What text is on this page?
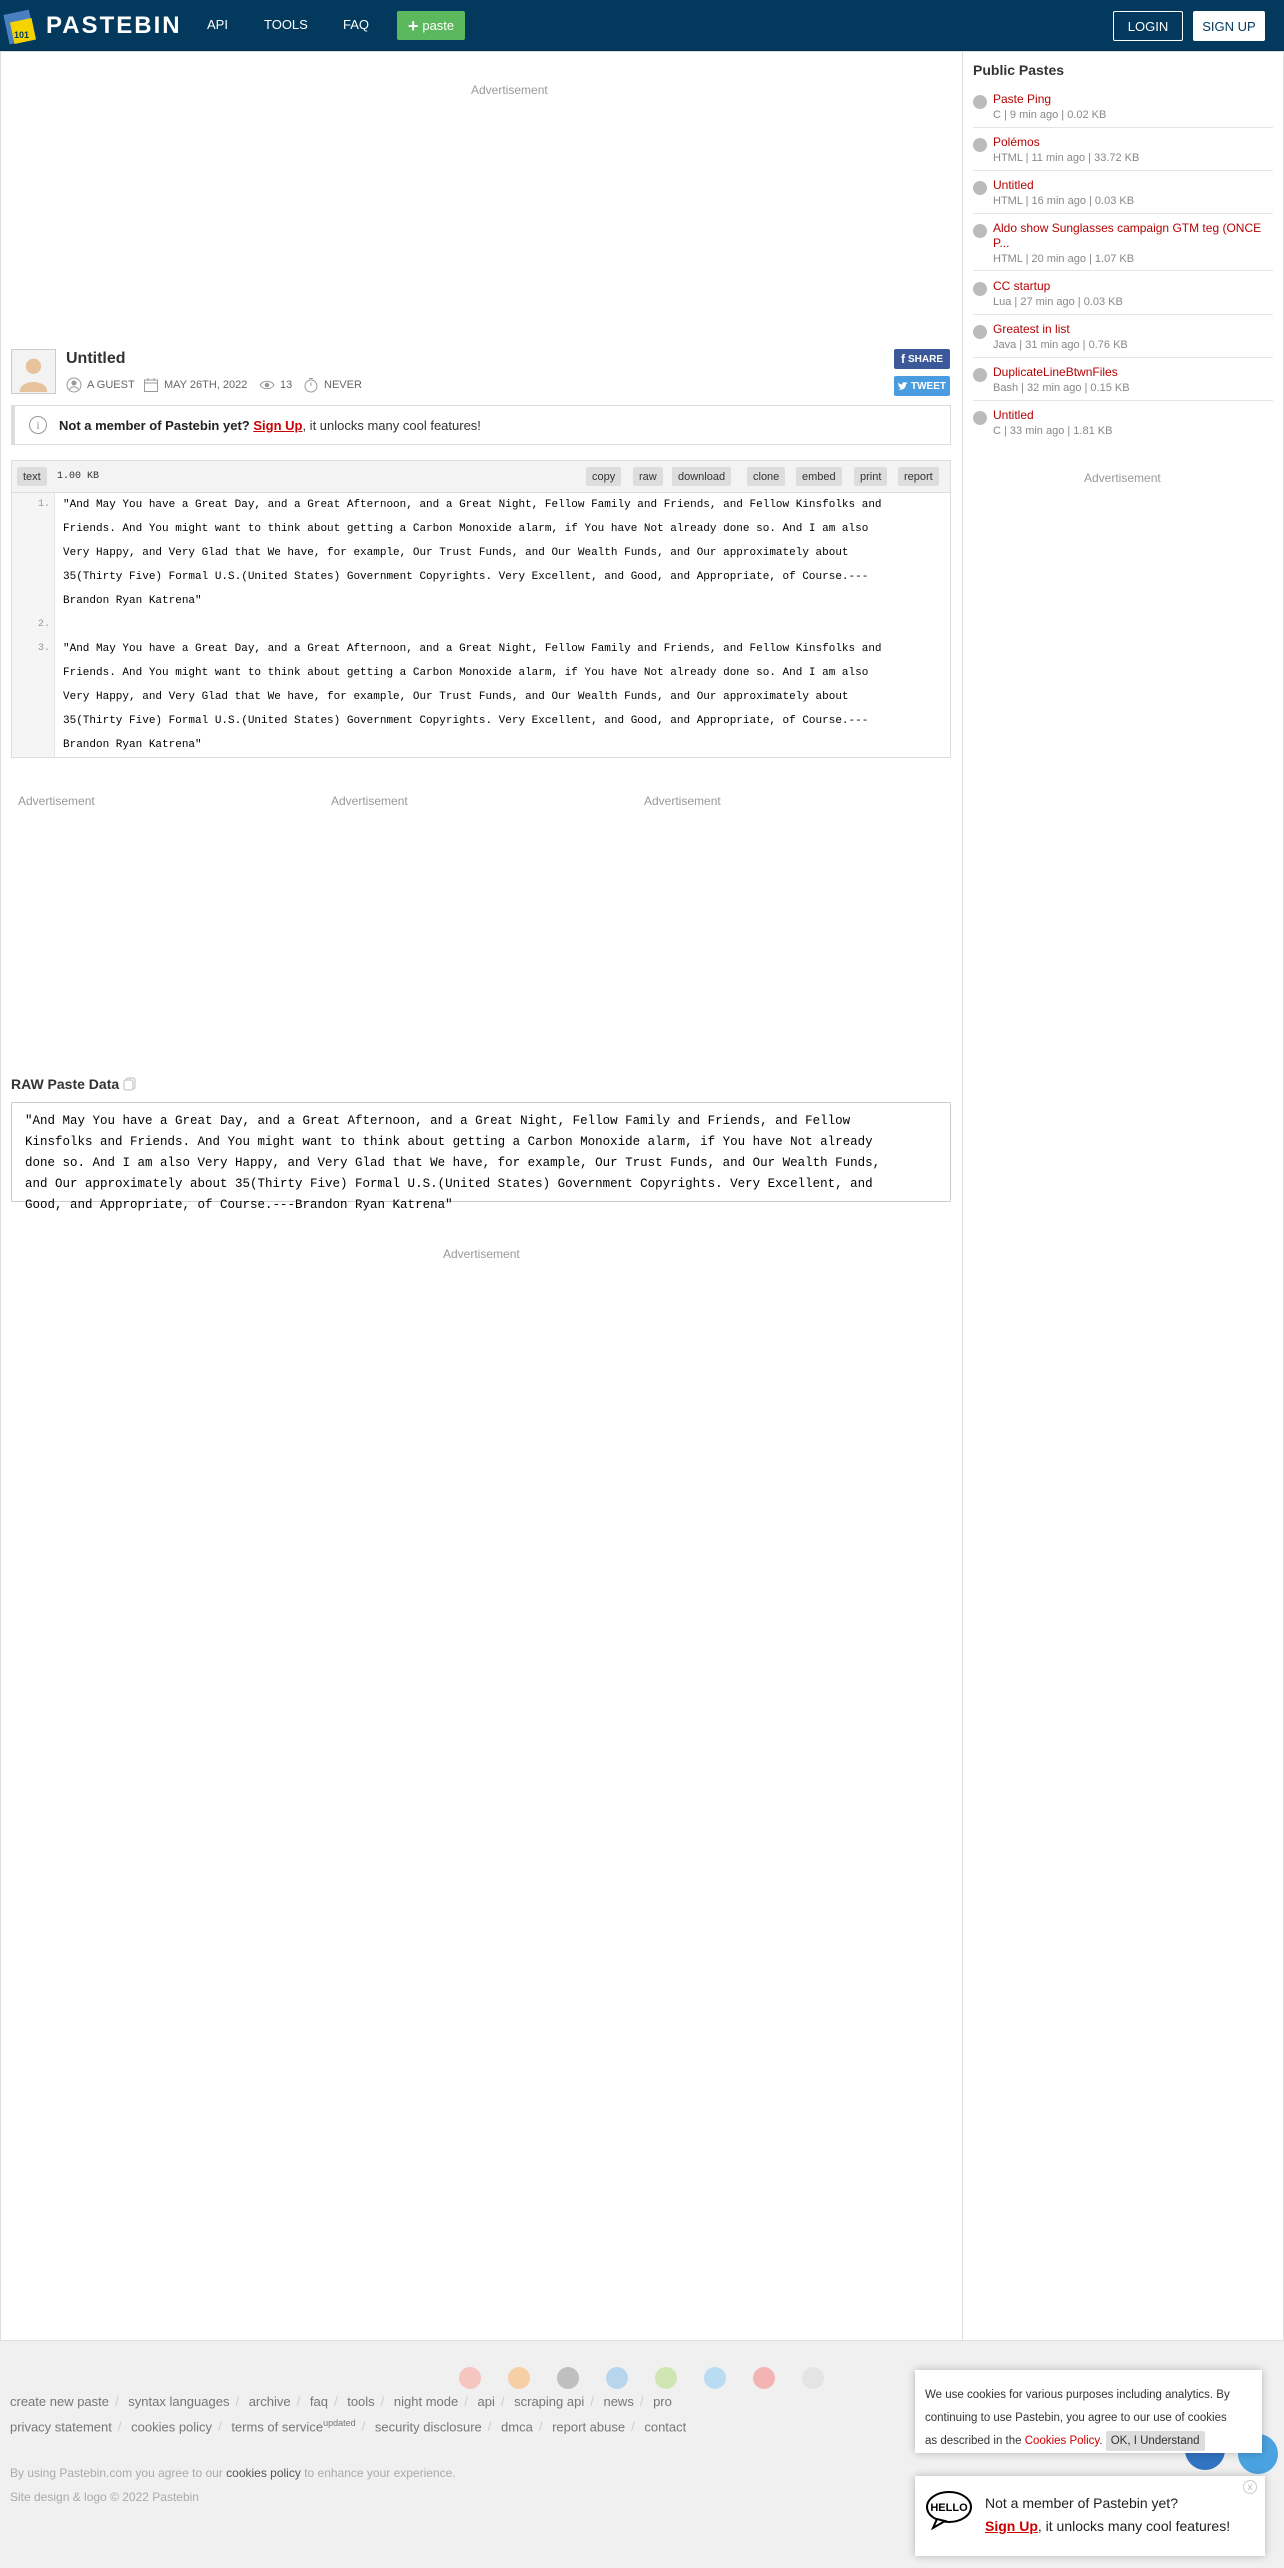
101 PASTEBIN API	TOOLS	FAQ + paste	LOGIN	SIGN UP
Advertisement
Untitled
A GUEST	MAY 26TH, 2022	13	NEVER
f SHARE
TWEET
i	Not a member of Pastebin yet?
Sign Up , it unlocks many cool features!
text	1.00 KB	copy	raw	download	clone	embed	print	report
1.
2.
3.
"And May You have a Great Day, and a Great Afternoon, and a Great Night, Fellow Family and Friends, and Fellow Kinsfolks and
Friends. And You might want to think about getting a Carbon Monoxide alarm, if You have Not already done so. And I am also
Very Happy, and Very Glad that We have, for example, Our Trust Funds, and Our Wealth Funds, and Our approximately about
35(Thirty Five) Formal U.S.(United States) Government Copyrights. Very Excellent, and Good, and Appropriate, of Course.---
Brandon Ryan Katrena"
"And May You have a Great Day, and a Great Afternoon, and a Great Night, Fellow Family and Friends, and Fellow Kinsfolks and
Friends. And You might want to think about getting a Carbon Monoxide alarm, if You have Not already done so. And I am also
Very Happy, and Very Glad that We have, for example, Our Trust Funds, and Our Wealth Funds, and Our approximately about
35(Thirty Five) Formal U.S.(United States) Government Copyrights. Very Excellent, and Good, and Appropriate, of Course.---
Brandon Ryan Katrena"
Advertisement	Advertisement	Advertisement
RAW Paste Data
"And May You have a Great Day, and a Great Afternoon, and a Great Night, Fellow Family and Friends, and Fellow
Kinsfolks and Friends. And You might want to think about getting a Carbon Monoxide alarm, if You have Not already
done so. And I am also Very Happy, and Very Glad that We have, for example, Our Trust Funds, and Our Wealth Funds,
and Our approximately about 35(Thirty Five) Formal U.S.(United States) Government Copyrights. Very Excellent, and
Good, and Appropriate, of Course.---Brandon Ryan Katrena"
Advertisement
Public Pastes
Paste Ping
C | 9 min ago | 0.02 KB
Polémos
HTML | 11 min ago | 33.72 KB
Untitled
HTML | 16 min ago | 0.03 KB
Aldo show Sunglasses campaign GTM teg (ONCE P...
HTML | 20 min ago | 1.07 KB
CC startup
Lua | 27 min ago | 0.03 KB
Greatest in list
Java | 31 min ago | 0.76 KB
DuplicateLineBtwnFiles
Bash | 32 min ago | 0.15 KB
Untitled
C | 33 min ago | 1.81 KB
Advertisement
create new paste / syntax languages / archive / faq / tools / night mode / api / scraping api / news / pro
privacy statement / cookies policy / terms of service$^{updated}$ / security disclosure / dmca / report abuse / contact
By using Pastebin.com you agree to our cookies policy to enhance your experience.
Site design & logo © 2022 Pastebin
We use cookies for various purposes including analytics. By
continuing to use Pastebin, you agree to our use of cookies
as described in the Cookies Policy. OK, I Understand
HELLO Not a member of Pastebin yet?
Sign Up, it unlocks many cool features!
x
